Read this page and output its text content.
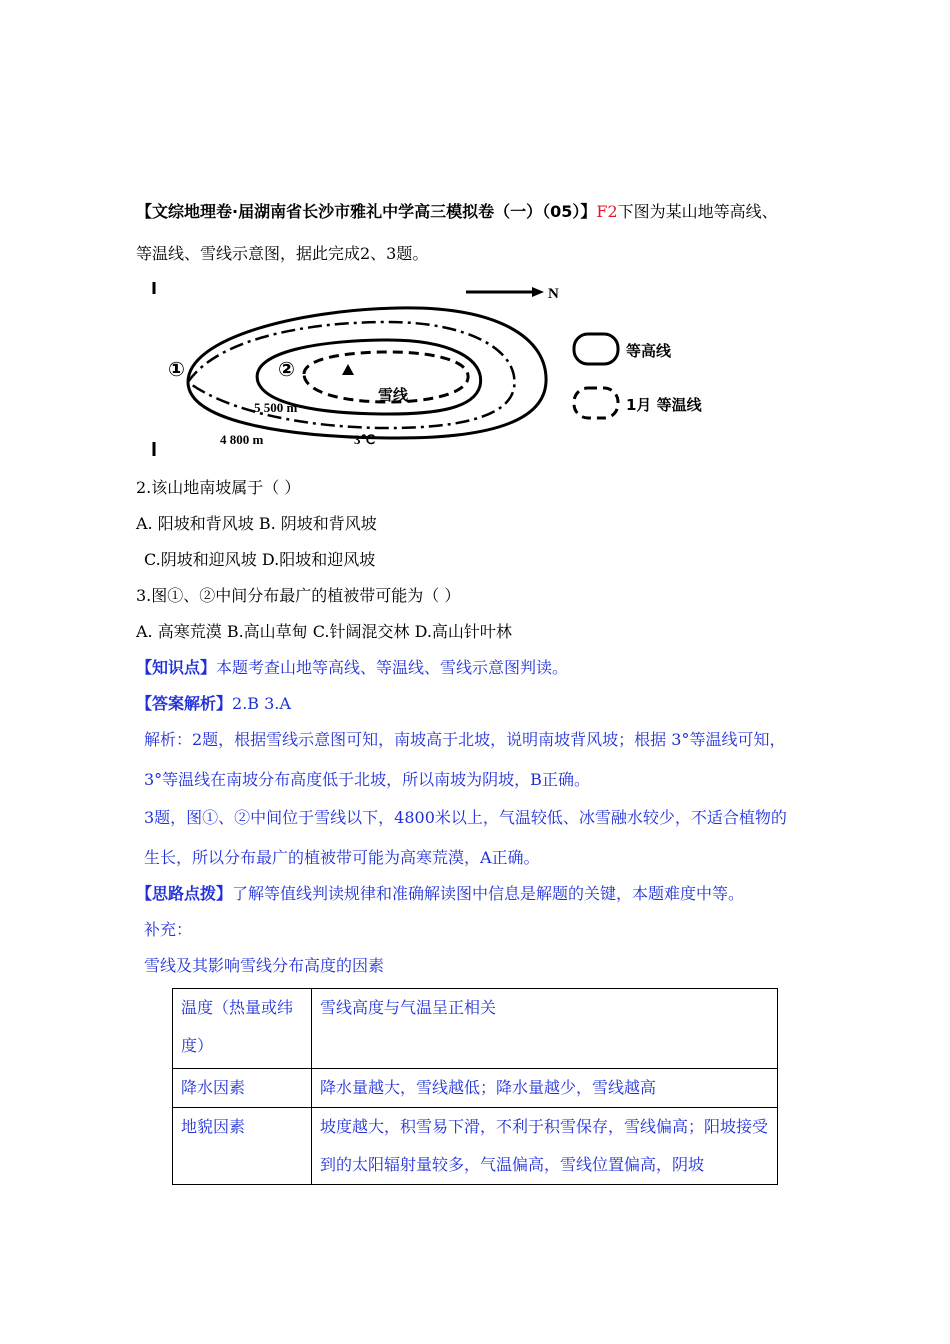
【文综地理卷·届湖南省长沙市雅礼中学高三模拟卷（一）（05）】F2下图为某山地等高线、
等温线、雪线示意图，据此完成2、3题。
N
①	②
雪线
5 500 m
4 800 m	3℃
等高线
1月 等温线
2.该山地南坡属于（ ）
A. 阳坡和背风坡 B. 阴坡和背风坡
C.阴坡和迎风坡 D.阳坡和迎风坡
3.图①、②中间分布最广的植被带可能为（ ）
A. 高寒荒漠 B.高山草甸 C.针阔混交林 D.高山针叶林
【知识点】本题考查山地等高线、等温线、雪线示意图判读。
【答案解析】2.B 3.A
解析：2题，根据雪线示意图可知，南坡高于北坡，说明南坡背风坡；根据 3°等温线可知，
3°等温线在南坡分布高度低于北坡，所以南坡为阴坡，B正确。
3题，图①、②中间位于雪线以下，4800米以上，气温较低、冰雪融水较少，不适合植物的
生长，所以分布最广的植被带可能为高寒荒漠，A正确。
【思路点拨】了解等值线判读规律和准确解读图中信息是解题的关键，本题难度中等。
补充：
雪线及其影响雪线分布高度的因素
温度（热量或纬度）	雪线高度与气温呈正相关
降水因素	降水量越大，雪线越低；降水量越少，雪线越高
地貌因素	坡度越大，积雪易下滑，不利于积雪保存，雪线偏高；阳坡接受到的太阳辐射量较多，气温偏高，雪线位置偏高，阴坡
